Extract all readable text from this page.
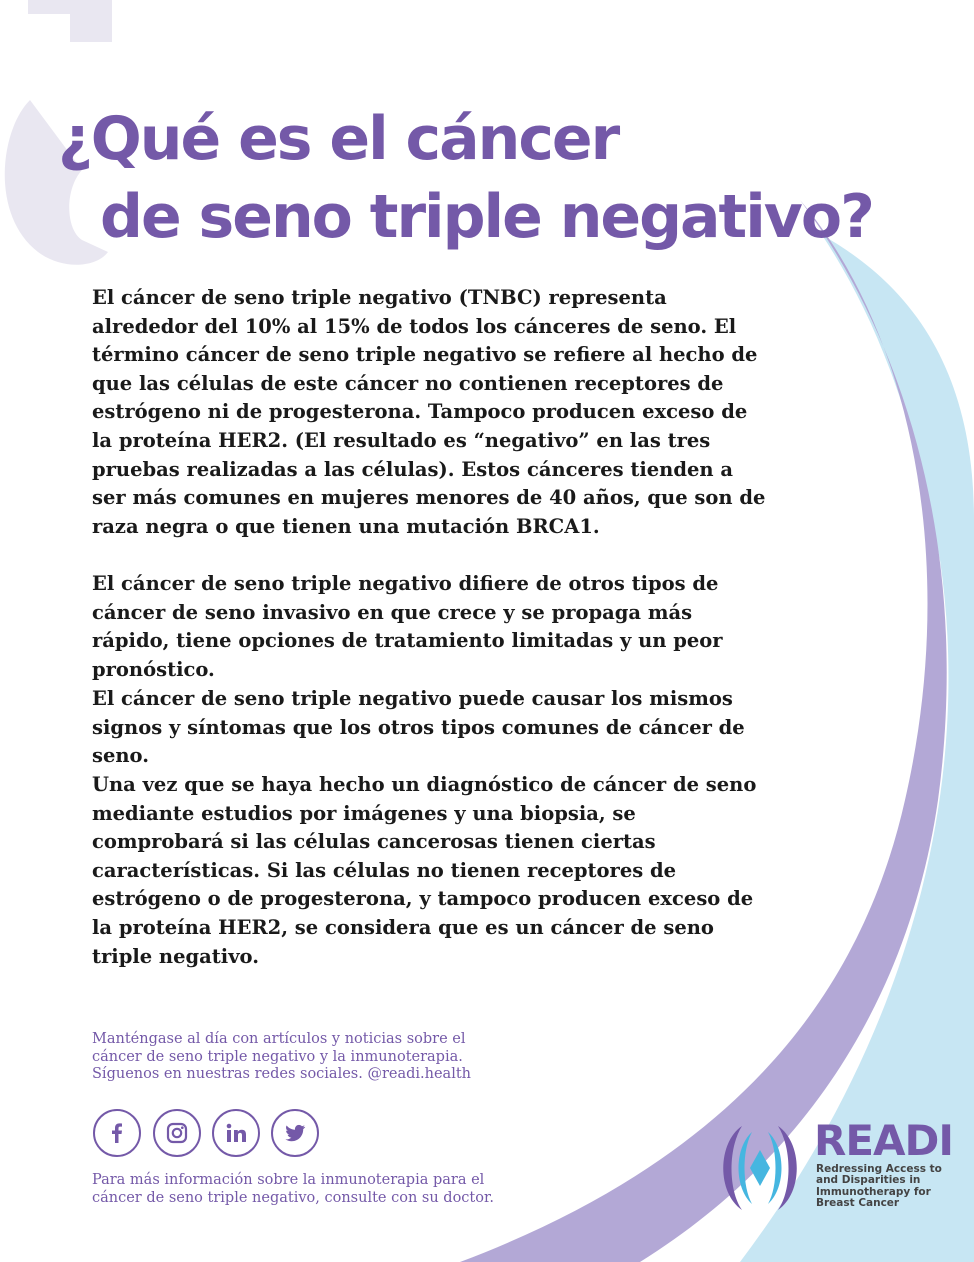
¿Qué es el cáncer
de seno triple negativo?

El cáncer de seno triple negativo (TNBC) representa alrededor del 10% al 15% de todos los cánceres de seno. El término cáncer de seno triple negativo se refiere al hecho de que las células de este cáncer no contienen receptores de estrógeno ni de progesterona. Tampoco producen exceso de la proteína HER2. (El resultado es “negativo” en las tres pruebas realizadas a las células). Estos cánceres tienden a ser más comunes en mujeres menores de 40 años, que son de raza negra o que tienen una mutación BRCA1.

El cáncer de seno triple negativo difiere de otros tipos de cáncer de seno invasivo en que crece y se propaga más rápido, tiene opciones de tratamiento limitadas y un peor pronóstico.

El cáncer de seno triple negativo puede causar los mismos signos y síntomas que los otros tipos comunes de cáncer de seno.

Una vez que se haya hecho un diagnóstico de cáncer de seno mediante estudios por imágenes y una biopsia, se comprobará si las células cancerosas tienen ciertas características. Si las células no tienen receptores de estrógeno o de progesterona, y tampoco producen exceso de la proteína HER2, se considera que es un cáncer de seno triple negativo.

Manténgase al día con artículos y noticias sobre el cáncer de seno triple negativo y la inmunoterapia. Síguenos en nuestras redes sociales. @readi.health

Para más información sobre la inmunoterapia para el cáncer de seno triple negativo, consulte con su doctor.

READI
Redressing Access to and Disparities in Immunotherapy for Breast Cancer
